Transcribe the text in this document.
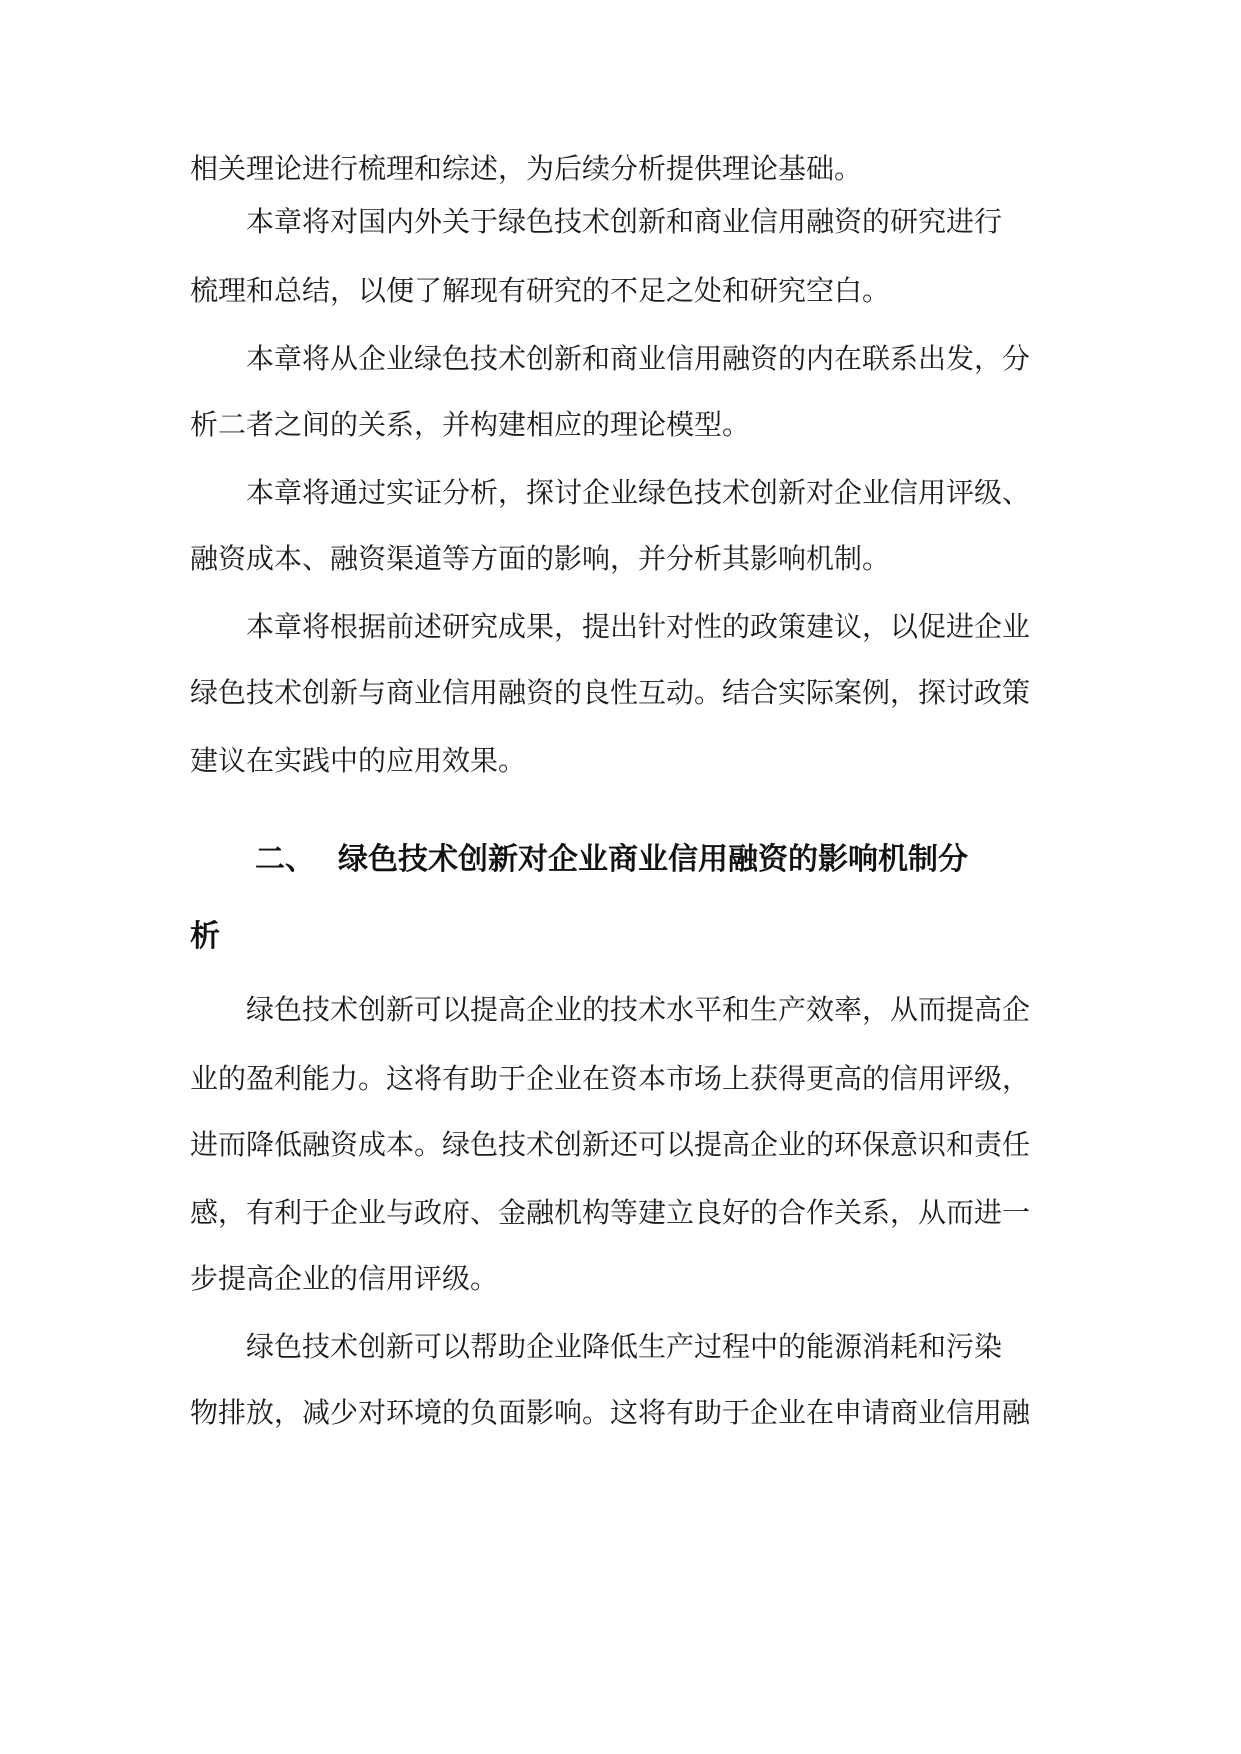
相关理论进行梳理和综述，为后续分析提供理论基础。
本章将对国内外关于绿色技术创新和商业信用融资的研究进行
梳理和总结，以便了解现有研究的不足之处和研究空白。
本章将从企业绿色技术创新和商业信用融资的内在联系出发，分
析二者之间的关系，并构建相应的理论模型。
本章将通过实证分析，探讨企业绿色技术创新对企业信用评级、
融资成本、融资渠道等方面的影响，并分析其影响机制。
本章将根据前述研究成果，提出针对性的政策建议，以促进企业
绿色技术创新与商业信用融资的良性互动。结合实际案例，探讨政策
建议在实践中的应用效果。
二、 绿色技术创新对企业商业信用融资的影响机制分
析
绿色技术创新可以提高企业的技术水平和生产效率，从而提高企
业的盈利能力。这将有助于企业在资本市场上获得更高的信用评级，
进而降低融资成本。绿色技术创新还可以提高企业的环保意识和责任
感，有利于企业与政府、金融机构等建立良好的合作关系，从而进一
步提高企业的信用评级。
绿色技术创新可以帮助企业降低生产过程中的能源消耗和污染
物排放，减少对环境的负面影响。这将有助于企业在申请商业信用融
